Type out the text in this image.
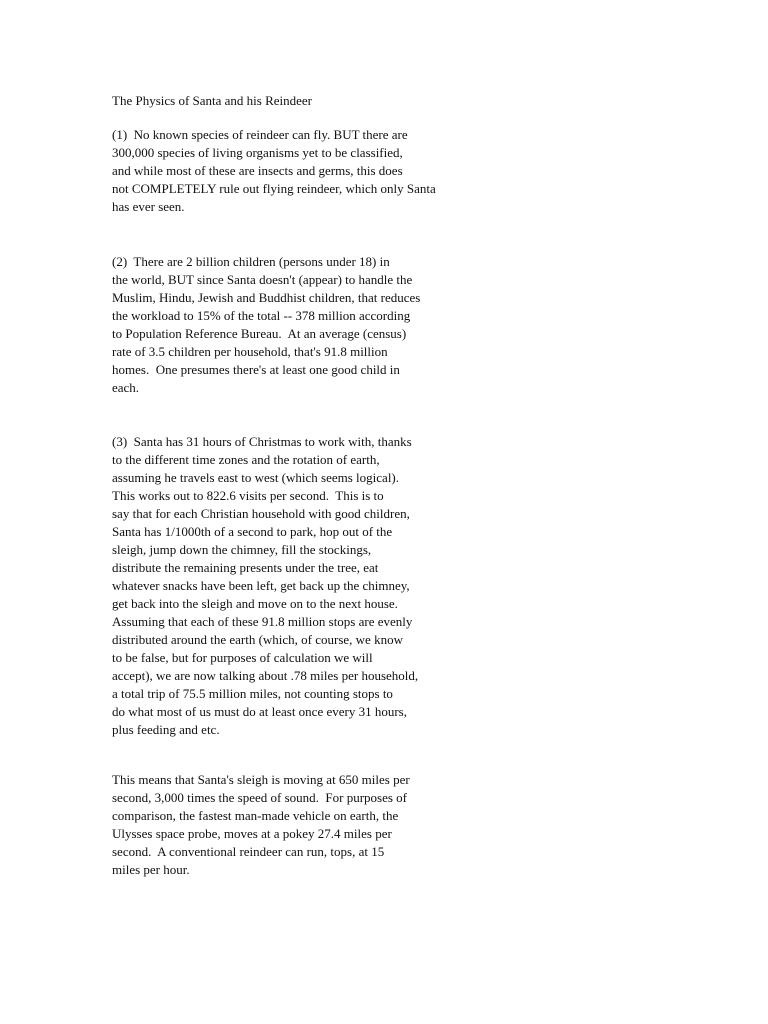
The Physics of Santa and his Reindeer
(1)  No known species of reindeer can fly. BUT there are
300,000 species of living organisms yet to be classified,
and while most of these are insects and germs, this does
not COMPLETELY rule out flying reindeer, which only Santa
has ever seen.
(2)  There are 2 billion children (persons under 18) in
the world, BUT since Santa doesn't (appear) to handle the
Muslim, Hindu, Jewish and Buddhist children, that reduces
the workload to 15% of the total -- 378 million according
to Population Reference Bureau.  At an average (census)
rate of 3.5 children per household, that's 91.8 million
homes.  One presumes there's at least one good child in
each.
(3)  Santa has 31 hours of Christmas to work with, thanks
to the different time zones and the rotation of earth,
assuming he travels east to west (which seems logical).
This works out to 822.6 visits per second.  This is to
say that for each Christian household with good children,
Santa has 1/1000th of a second to park, hop out of the
sleigh, jump down the chimney, fill the stockings,
distribute the remaining presents under the tree, eat
whatever snacks have been left, get back up the chimney,
get back into the sleigh and move on to the next house.
Assuming that each of these 91.8 million stops are evenly
distributed around the earth (which, of course, we know
to be false, but for purposes of calculation we will
accept), we are now talking about .78 miles per household,
a total trip of 75.5 million miles, not counting stops to
do what most of us must do at least once every 31 hours,
plus feeding and etc.
This means that Santa's sleigh is moving at 650 miles per
second, 3,000 times the speed of sound.  For purposes of
comparison, the fastest man-made vehicle on earth, the
Ulysses space probe, moves at a pokey 27.4 miles per
second.  A conventional reindeer can run, tops, at 15
miles per hour.
